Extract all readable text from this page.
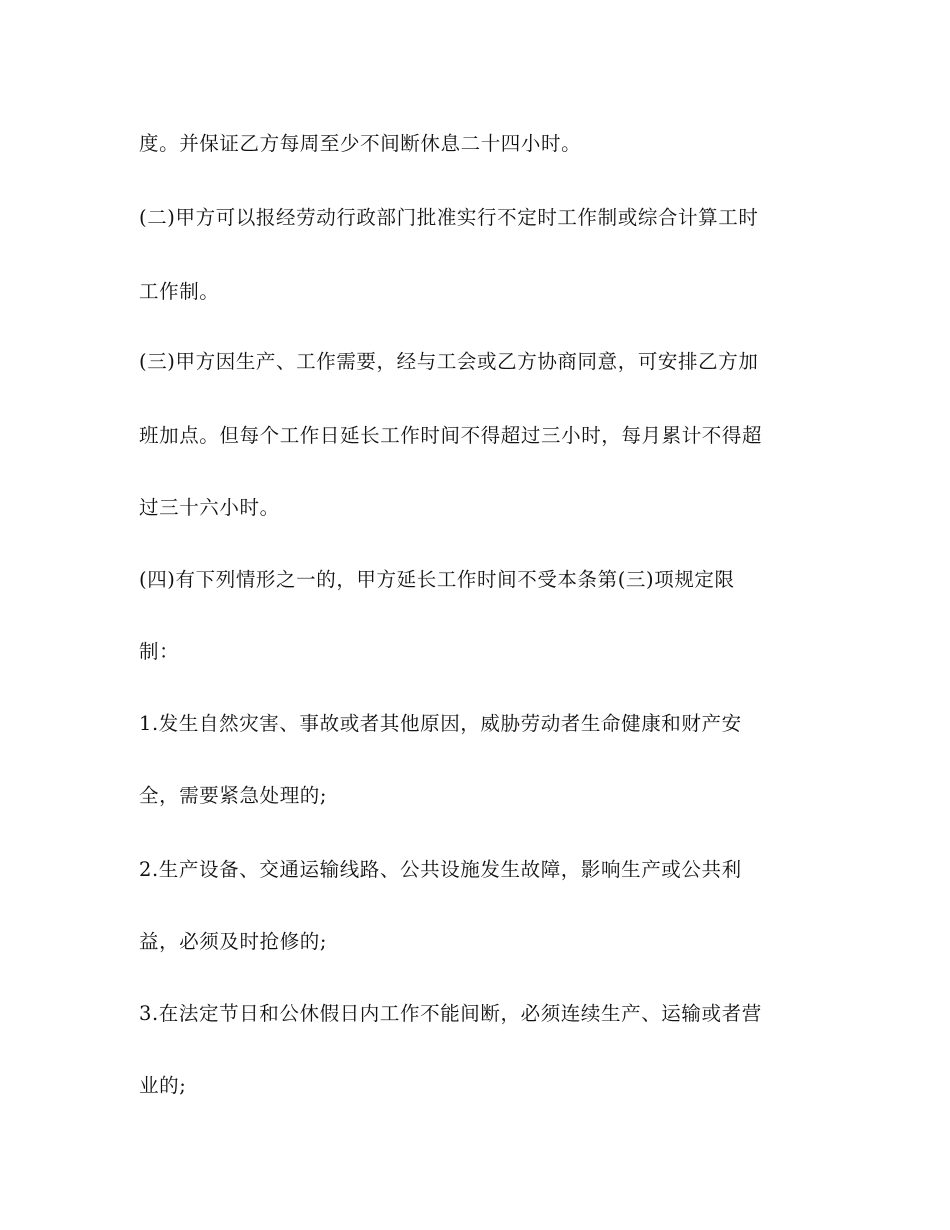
度。并保证乙方每周至少不间断休息二十四小时。

(二)甲方可以报经劳动行政部门批准实行不定时工作制或综合计算工时

工作制。

(三)甲方因生产、工作需要，经与工会或乙方协商同意，可安排乙方加

班加点。但每个工作日延长工作时间不得超过三小时，每月累计不得超

过三十六小时。

(四)有下列情形之一的，甲方延长工作时间不受本条第(三)项规定限

制：

1.发生自然灾害、事故或者其他原因，威胁劳动者生命健康和财产安

全，需要紧急处理的;

2.生产设备、交通运输线路、公共设施发生故障，影响生产或公共利

益，必须及时抢修的;

3.在法定节日和公休假日内工作不能间断，必须连续生产、运输或者营

业的;
